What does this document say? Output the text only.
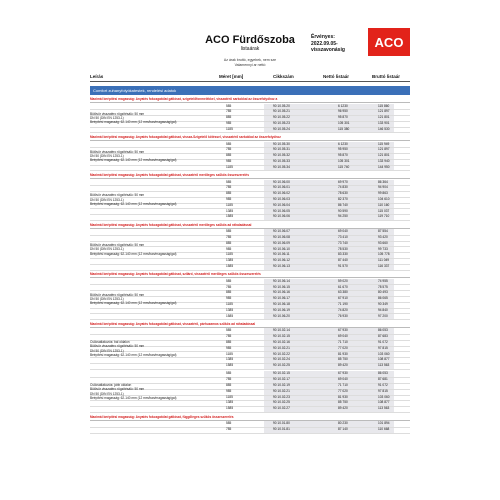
ACO Fürdőszoba
listaárak
Az árak bruttó, egyebek, nem sze
Valamennyi ar nettó
Érvényes:
2022.09.05-
visszavonásig ACO
Leírás	Méret [mm]	Cikkszám	Nettó listaár	Bruttó listaár
Comfort zuhanyfolyókatestek, rendelési adatok
Maximál beépítési magasság: Anyatés fokozgatólat gátlósat, szigetelőfonmelékkel, visszatérő sarkokkal az összefolyóhoz a
585	90 10.05.20	6 1230	115 860
785	90 10.05.21	96 950	121 897
885	90 10.05.22	95 870	121 801
985	90 10.05.23	105 301	133 901
1185	90 10.05.24	115 380	146 530
Bütövör visszatéro rögzítésálú: 50 mm
DN 50 (DIN EN 1253-1)
Beépítési magasság: 62-140 mm (12 mm/ban/magasság/gal)
Maximál beépítési magasság: Anyatés fokozgatólat gátlósat, vissza-Szigetelő kötéssel, visszatérő sarkokkal az összefolyóhoz
585	90 10.05.30	6 1230	115 949
785	90 10.05.31	95 950	121 897
885	90 10.05.32	95 870	121 801
985	90 10.05.33	105 301	133 940
1185	90 10.05.34	115 740	144 950
Bütövör visszatéro rögzítésálú: 50 mm
DN 50 (DIN EN 1253-1)
Beépítési magasság: 62-140 mm (12 mm/ban/magasság/gal)
Maximál beépítési magasság: Anyatés fokozgatólat gátlósat, visszatérő merőleges szűkös összeszerelés
585	90 10.06.00	69 970	86 364
785	90 10.06.01	74 830	94 904
885	90 10.06.02	78 630	99 863
985	90 10.06.03	82 370	104 610
1185	90 10.06.04	86 740	110 160
1385	90 10.06.05	90 590	115 037
1585	90 10.06.06	94 250	119 710
Bütövör visszatéro rögzítésálú: 50 mm
DN 50 (DIN EN 1253-1)
Beépítési magasság: 62-140 mm (12 mm/ban/magasság/gal)
Maximál beépítési magasság: Anyatés fokozgatólat gátlósat, visszatérő merőleges szűkös ad ráhaladással
585	90 10.06.07	69 040	87 554
785	90 10.06.08	73 410	93 420
885	90 10.06.09	73 740	93 660
985	90 10.06.10	78 530	99 733
1185	90 10.06.11	83 330	105 778
1385	90 10.06.12	87 440	111 049
1585	90 10.06.13	91 570	116 337
Bütövör visszatéro rögzítésálú: 50 mm
DN 50 (DIN EN 1253-1)
Beépítési magasság: 62-140 mm (12 mm/ban/magasság/gal)
Maximál beépítési magasság: Anyatés fokozgatólat gátlósat, szilárd, visszatérő merőleges szűkös összeszerelés
585	90 10.06.14	59 020	74 955
785	90 10.06.15	61 670	78 575
885	90 10.06.16	63 380	80 493
985	90 10.06.17	67 910	86 065
1185	90 10.06.18	71 190	90 349
1385	90 10.06.19	74 820	94 840
1585	90 10.06.20	76 930	97 200
Bütövör visszatéro rögzítésálú: 50 mm
DN 50 (DIN EN 1253-1)
Beépítési magasság: 62-140 mm (12 mm/ban/magasság/gal)
Maximál beépítési magasság: Anyatés fokozgatólat gátlósat, visszatérő, párhuzamos szűkös ad ráhaladással
585	90 10.02.14	67 930	86 053
785	90 10.02.15	69 040	87 683
885	90 10.02.16	71 710	91 072
985	90 10.02.21	77 020	97 815
1185	90 10.02.22	81 930	103 060
1385	90 10.02.24	85 750	108 877
1585	90 10.02.25	89 420	113 563
Csőcsatlakozós: bal oldalon
Bütövör visszatéro rögzítésálú: 50 mm
DN 50 (DIN EN 1253-1)
Beépítési magasság: 62-140 mm (12 mm/ban/magasság/gal)
585	90 10.02.15	67 930	86 053
785	90 10.02.17	69 040	87 681
885	90 10.02.19	71 710	91 072
985	90 10.02.21	77 020	97 815
1185	90 10.02.23	81 930	103 060
1385	90 10.02.25	85 750	108 877
1585	90 10.02.27	89 420	113 563
Csőcsatlakozós: jobb oldalon
Bütövör visszatéro rögzítésálú: 50 mm
DN 50 (DIN EN 1253-1)
Beépítési magasság: 62-140 mm (12 mm/ban/magasság/gal)
Maximál beépítési magasság: Anyatés fokozgatólat gátlósat, függőleges szűkös összeszerelés
585	90 10.01.80	80 230	101 894
785	90 10.01.81	87 140	110 668
